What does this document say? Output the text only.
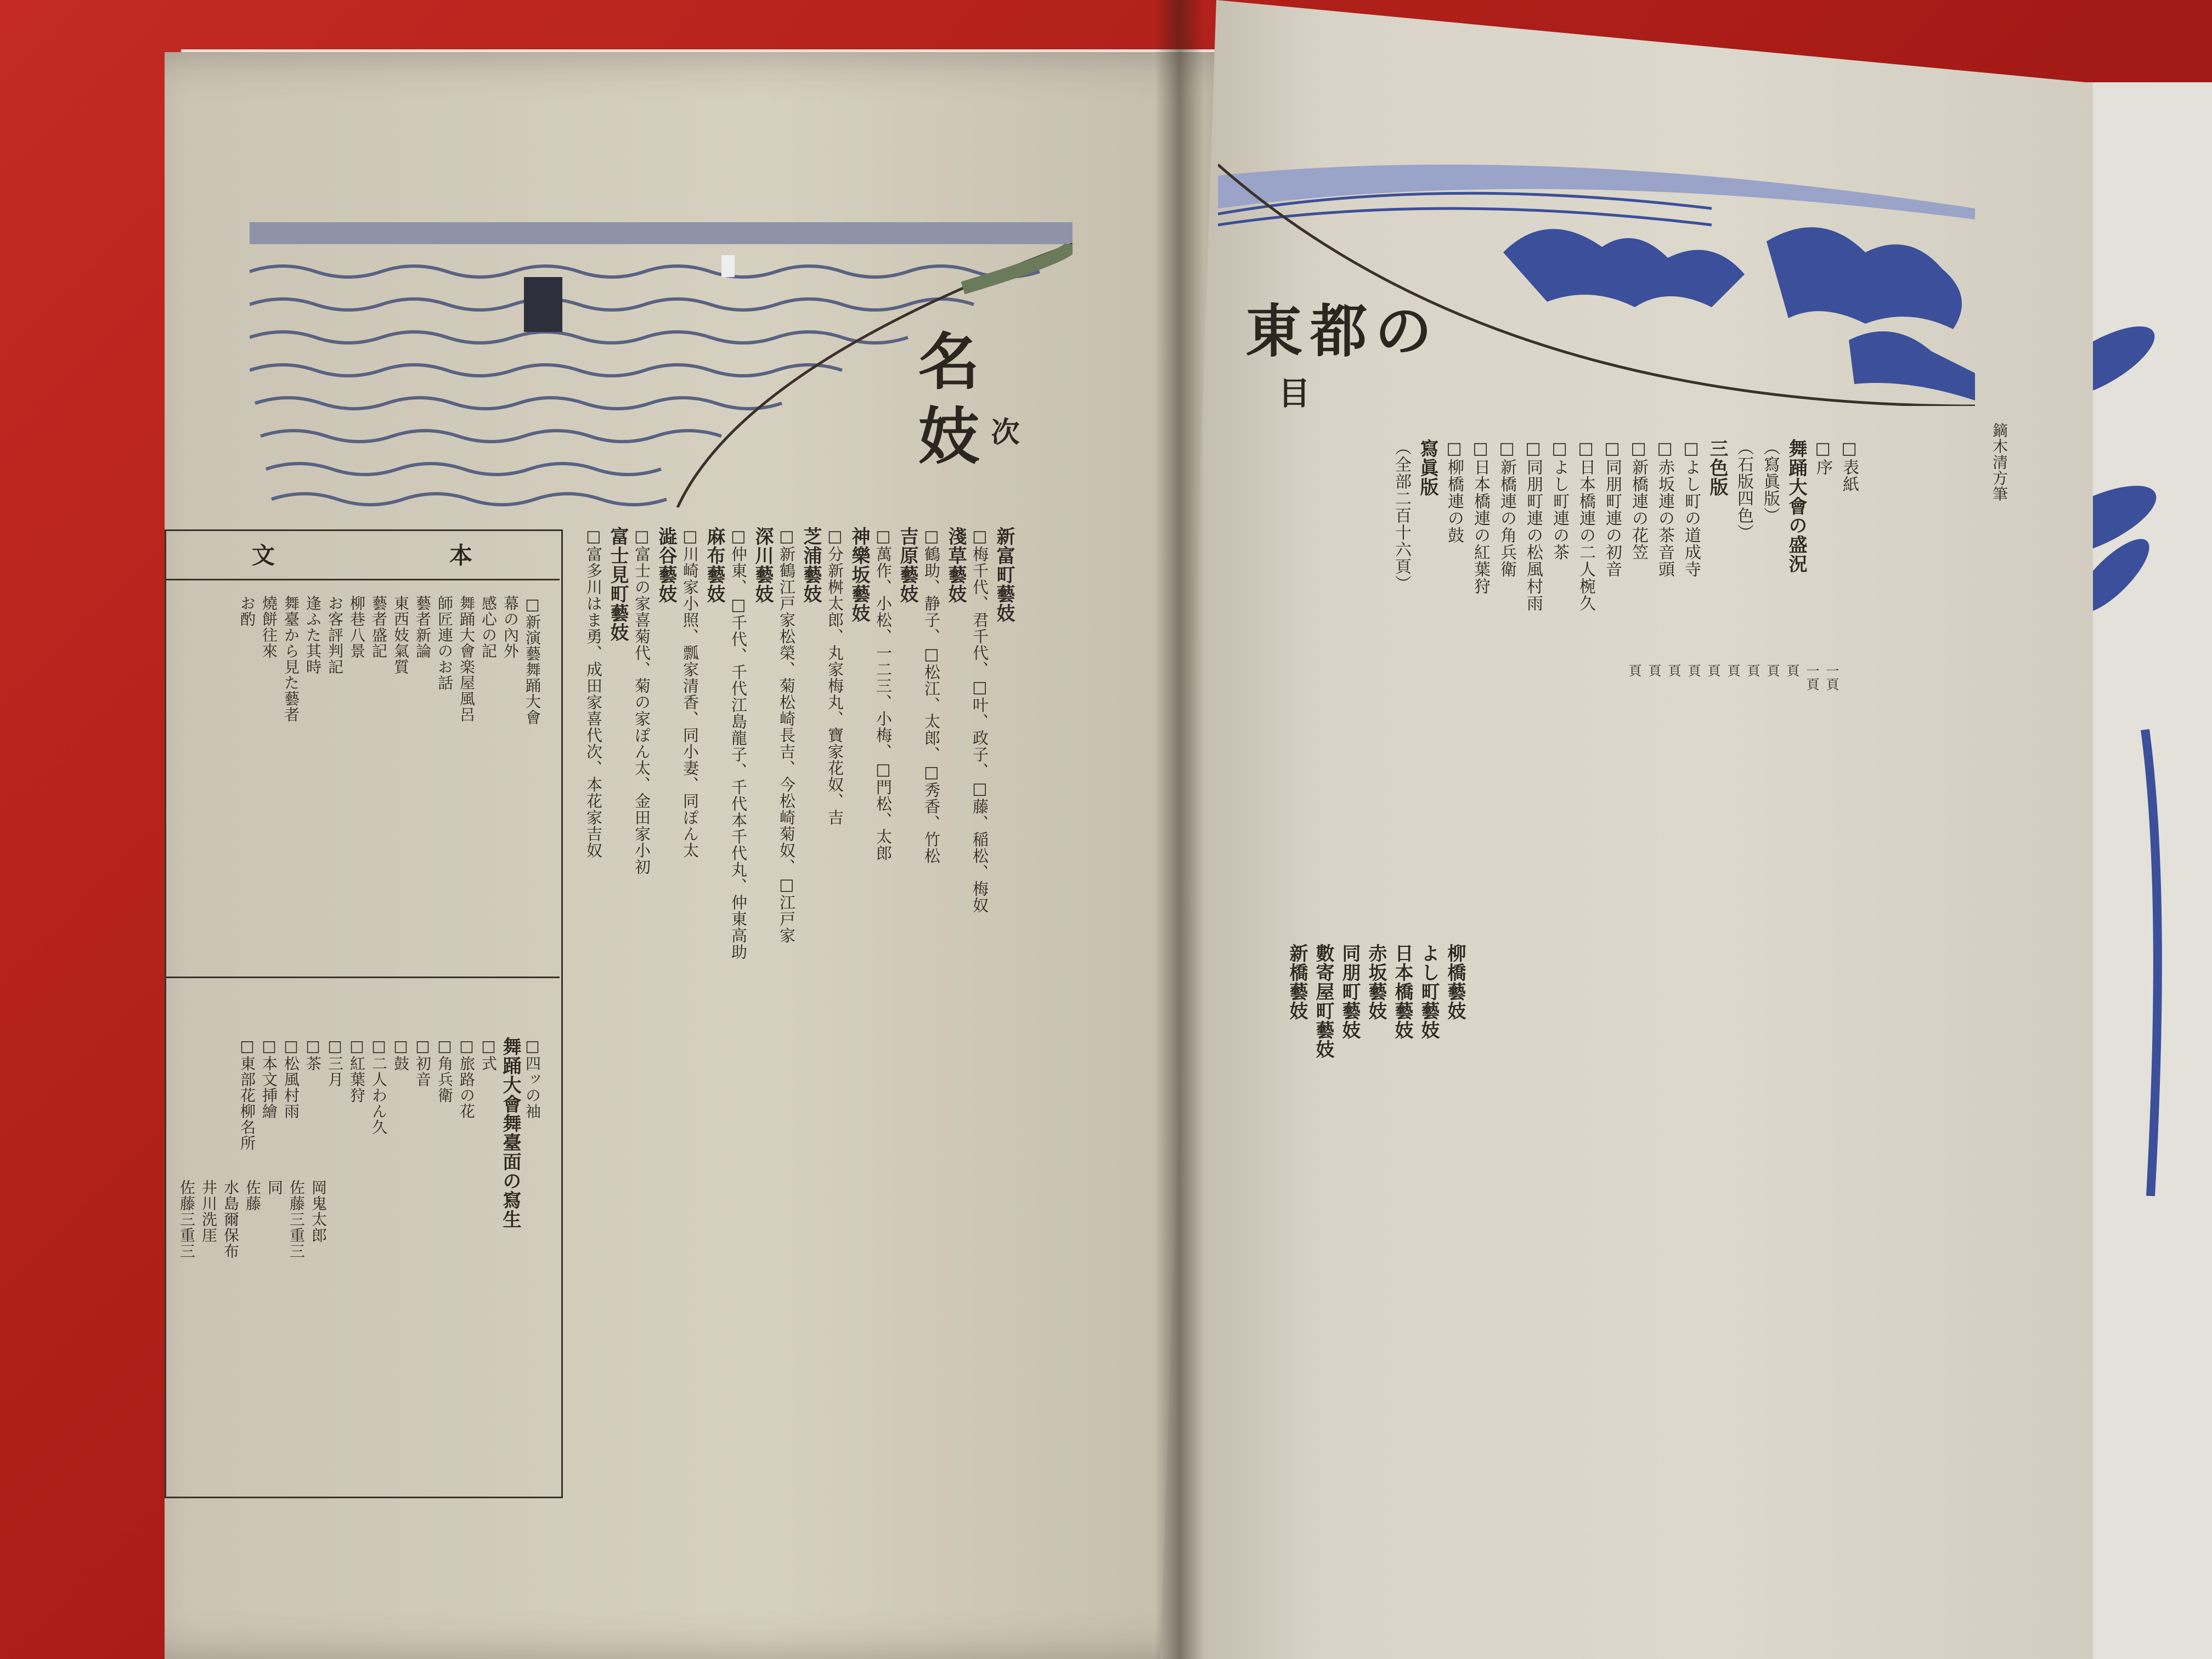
名妓 次
文	本
□新演藝舞踊大會
幕の內外
感心の記
舞踊大會楽屋風呂
師匠連のお話
藝者新論
東西妓氣質
藝者盛記
柳巷八景
お客評判記
逢ふた其時
舞臺から見た藝者
燒餅往來
お酌
□四ッの袖
舞踊大會舞臺面の寫生
□式
□旅路の花
□角兵衛
□初音
□鼓
□二人わん久
□紅葉狩
□三月
□茶
□松風村雨
□本文挿繪
□東部花柳名所
岡鬼太郎
佐藤三重三
同
佐藤
水島爾保布
井川洗厓
佐藤三重三
新富町藝妓
□梅千代、君千代、□叶、政子、□藤、稲松、梅奴
淺草藝妓
□鶴助、静子、□松江、太郎、□秀香、竹松
吉原藝妓
□萬作、小松、一二三、小梅、□門松、太郎
神樂坂藝妓
□分新桝太郎、丸家梅丸、寶家花奴、吉
芝浦藝妓
□新鶴江戸家松榮、菊松崎長吉、今松崎菊奴、□江戸家
深川藝妓
□仲東、□千代、千代江島龍子、千代本千代丸、仲東高助
麻布藝妓
□川崎家小照、瓢家清香、同小妻、同ぽん太
澁谷藝妓
□富士の家喜菊代、菊の家ぽん太、金田家小初
富士見町藝妓
□富多川はま勇、成田家喜代次、本花家吉奴
東都の
目
鏑木清方筆
□表紙
□序
舞踊大會の盛況
（寫眞版）
（石版四色）
三色版
□よし町の道成寺
□赤坂連の茶音頭
□新橋連の花笠
□同朋町連の初音
□日本橋連の二人椀久
□よし町連の茶
□同朋町連の松風村雨
□新橋連の角兵衛
□日本橋連の紅葉狩
□柳橋連の鼓
寫眞版
（全部二百十六頁）
一頁
一頁
頁
頁
頁
頁
頁
頁
頁
頁
頁
柳橋藝妓
よし町藝妓
日本橋藝妓
赤坂藝妓
同朋町藝妓
數寄屋町藝妓
新橋藝妓
